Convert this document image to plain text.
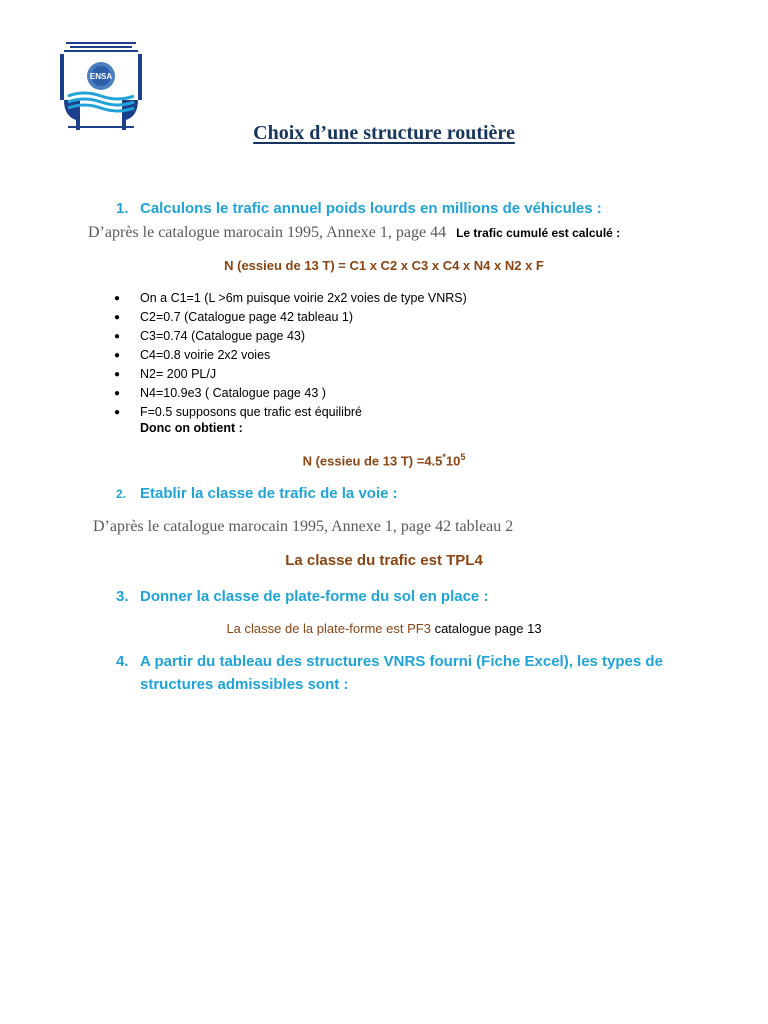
ENSA
Choix d’une structure routière
1. Calculons le trafic annuel poids lourds en millions de véhicules :
D’après le catalogue marocain 1995, Annexe 1, page 44 Le trafic cumulé est calculé :
N (essieu de 13 T) = C1 x C2 x C3 x C4 x N4 x N2 x F
● On a C1=1 (L >6m puisque voirie 2x2 voies de type VNRS)
● C2=0.7 (Catalogue page 42 tableau 1)
● C3=0.74 (Catalogue page 43)
● C4=0.8 voirie 2x2 voies
● N2= 200 PL/J
● N4=10.9e3 ( Catalogue page 43 )
● F=0.5 supposons que trafic est équilibré
Donc on obtient :
N (essieu de 13 $T) =4.5^*10^5$
2. Etablir la classe de trafic de la voie :
D’après le catalogue marocain 1995, Annexe 1, page 42 tableau 2
La classe du trafic est TPL4
3. Donner la classe de plate-forme du sol en place :
La classe de la plate-forme est PF3 catalogue page 13
4. A partir du tableau des structures VNRS fourni (Fiche Excel), les types de
structures admissibles sont :
